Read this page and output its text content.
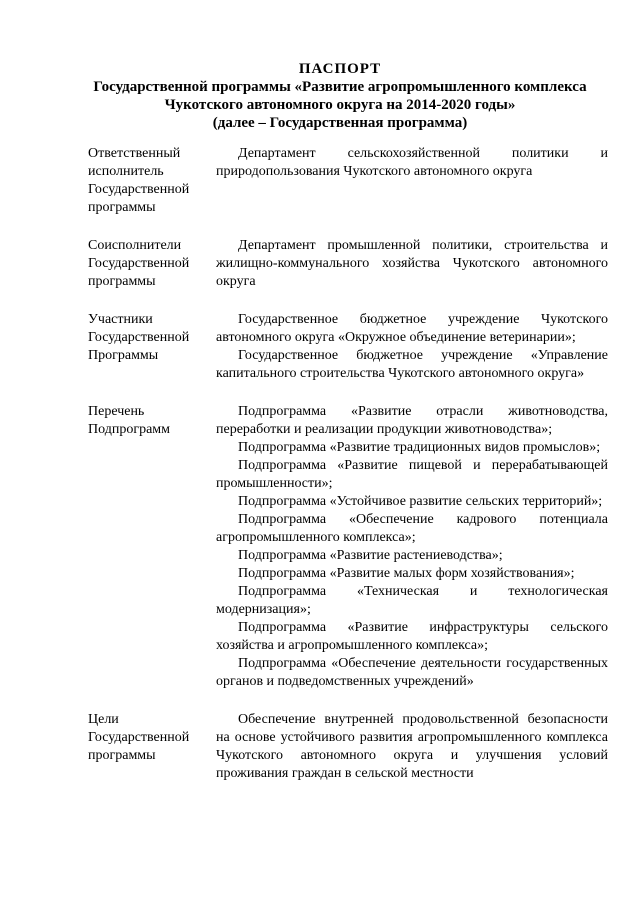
ПАСПОРТ
Государственной программы «Развитие агропромышленного комплекса
Чукотского автономного округа на 2014-2020 годы»
(далее – Государственная программа)
Ответственный
исполнитель
Государственной
программы

Департамент сельскохозяйственной политики и природопользования Чукотского автономного округа

Соисполнители
Государственной
программы

Департамент промышленной политики, строительства и жилищно-коммунального хозяйства Чукотского автономного округа

Участники
Государственной
Программы

Государственное бюджетное учреждение Чукотского автономного округа «Окружное объединение ветеринарии»;

Государственное бюджетное учреждение «Управление капитального строительства Чукотского автономного округа»

Перечень
Подпрограмм

Подпрограмма «Развитие отрасли животноводства, переработки и реализации продукции животноводства»;

Подпрограмма «Развитие традиционных видов промыслов»;

Подпрограмма «Развитие пищевой и перерабатывающей промышленности»;

Подпрограмма «Устойчивое развитие сельских территорий»;

Подпрограмма «Обеспечение кадрового потенциала агропромышленного комплекса»;

Подпрограмма «Развитие растениеводства»;

Подпрограмма «Развитие малых форм хозяйствования»;

Подпрограмма «Техническая и технологическая модернизация»;

Подпрограмма «Развитие инфраструктуры сельского хозяйства и агропромышленного комплекса»;

Подпрограмма «Обеспечение деятельности государственных органов и подведомственных учреждений»

Цели
Государственной
программы

Обеспечение внутренней продовольственной безопасности на основе устойчивого развития агропромышленного комплекса Чукотского автономного округа и улучшения условий проживания граждан в сельской местности
